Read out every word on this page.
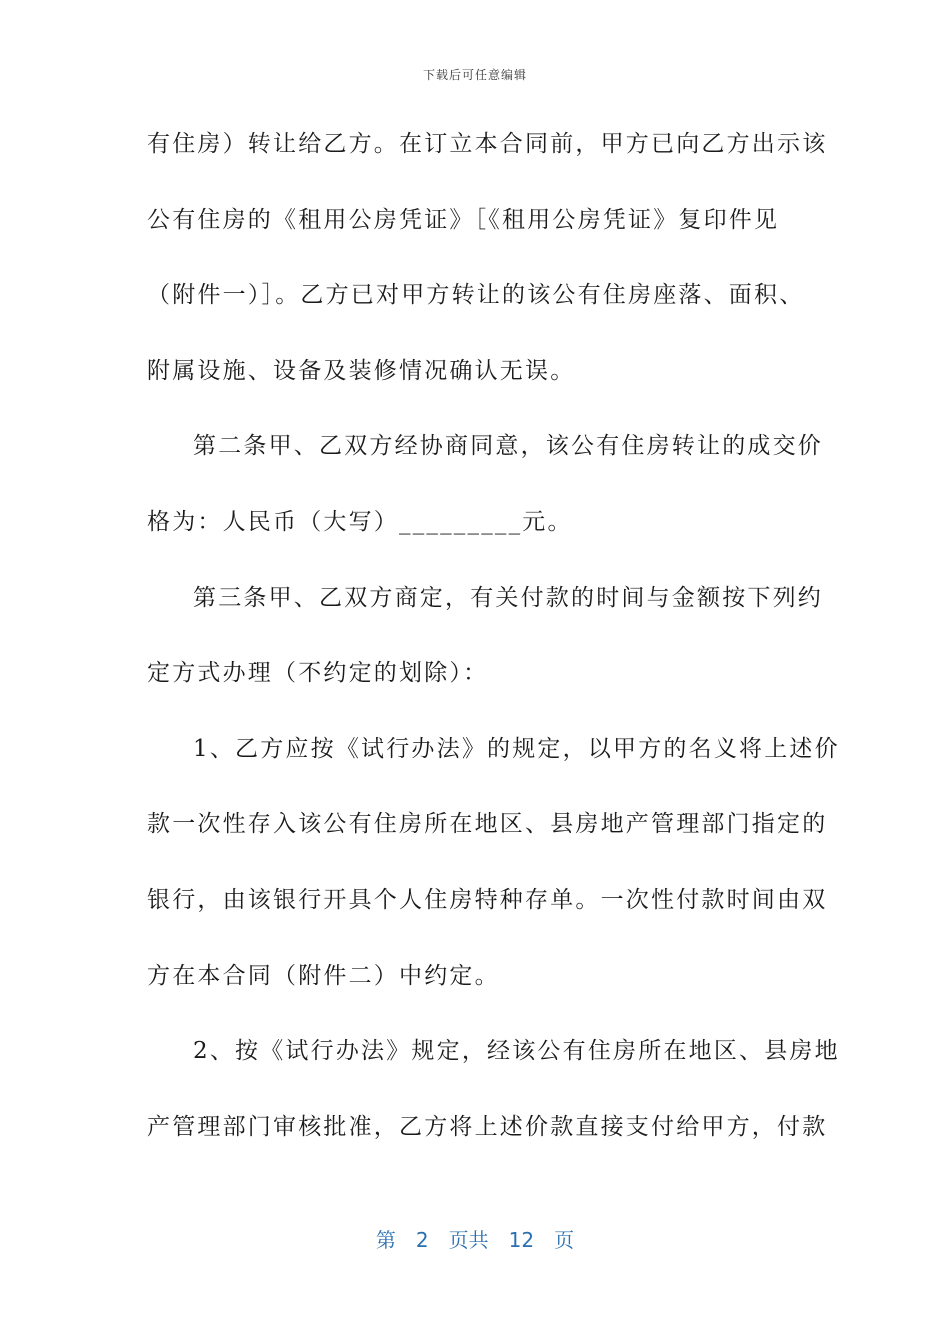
下载后可任意编辑
有住房）转让给乙方。在订立本合同前，甲方已向乙方出示该
公有住房的《租用公房凭证》［《租用公房凭证》复印件见
（附件一）］。乙方已对甲方转让的该公有住房座落、面积、
附属设施、设备及装修情况确认无误。
第二条甲、乙双方经协商同意，该公有住房转让的成交价
格为：人民币（大写）_________元。
第三条甲、乙双方商定，有关付款的时间与金额按下列约
定方式办理（不约定的划除）：
1、乙方应按《试行办法》的规定，以甲方的名义将上述价
款一次性存入该公有住房所在地区、县房地产管理部门指定的
银行，由该银行开具个人住房特种存单。一次性付款时间由双
方在本合同（附件二）中约定。
2、按《试行办法》规定，经该公有住房所在地区、县房地
产管理部门审核批准，乙方将上述价款直接支付给甲方，付款
第 2 页共 12 页
